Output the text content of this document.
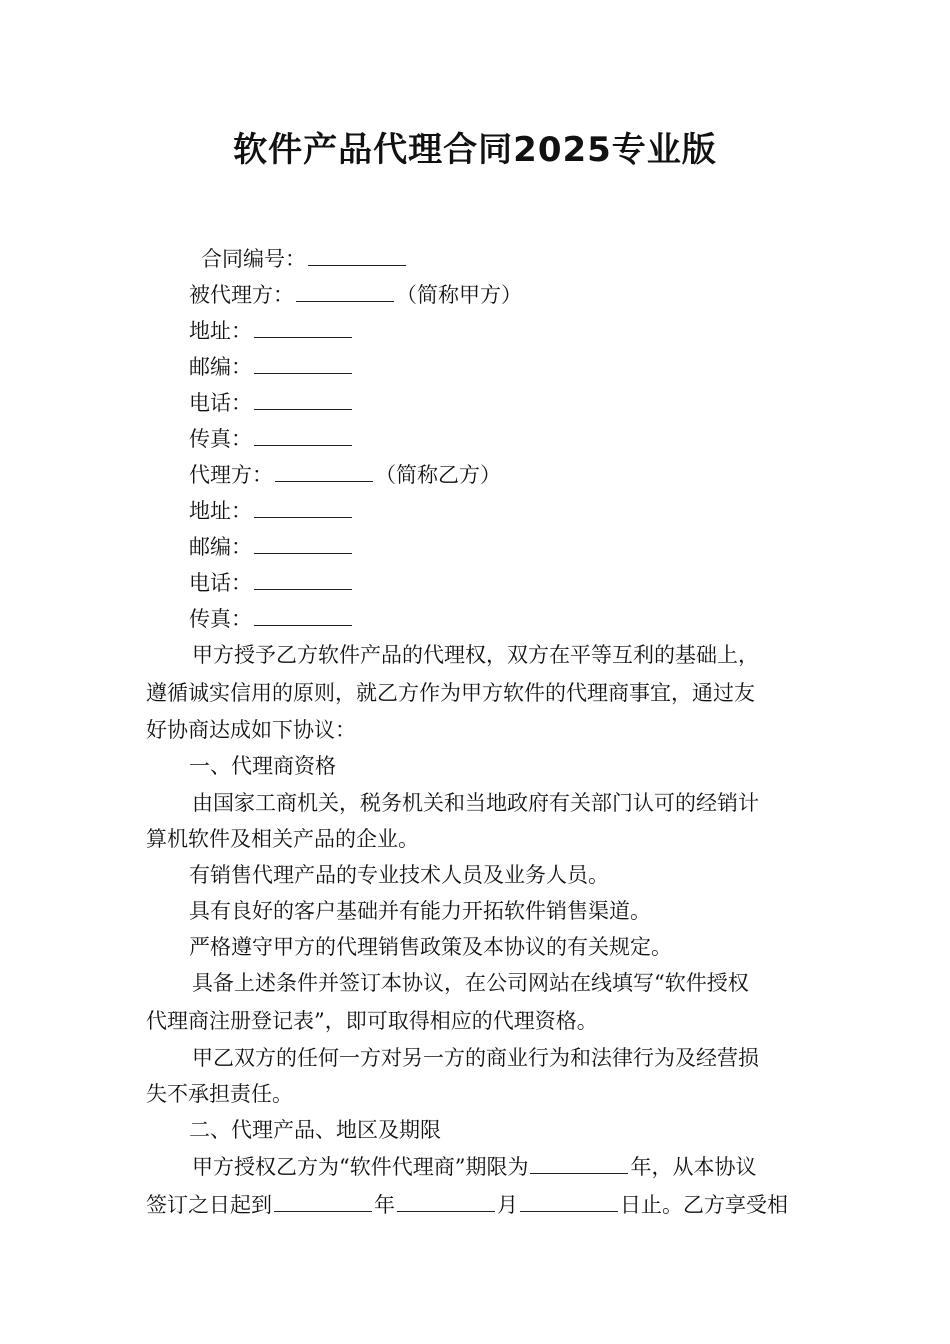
软件产品代理合同2025专业版
合同编号：
被代理方：	（简称甲方）
地址：
邮编：
电话：
传真：
代理方：	（简称乙方）
地址：
邮编：
电话：
传真：
甲方授予乙方软件产品的代理权，双方在平等互利的基础上，
遵循诚实信用的原则，就乙方作为甲方软件的代理商事宜，通过友
好协商达成如下协议：
一、代理商资格
由国家工商机关，税务机关和当地政府有关部门认可的经销计
算机软件及相关产品的企业。
有销售代理产品的专业技术人员及业务人员。
具有良好的客户基础并有能力开拓软件销售渠道。
严格遵守甲方的代理销售政策及本协议的有关规定。
具备上述条件并签订本协议，在公司网站在线填写“软件授权
代理商注册登记表”，即可取得相应的代理资格。
甲乙双方的任何一方对另一方的商业行为和法律行为及经营损
失不承担责任。
二、代理产品、地区及期限
甲方授权乙方为“软件代理商”期限为	年，从本协议
签订之日起到	年	月	日止。乙方享受相
